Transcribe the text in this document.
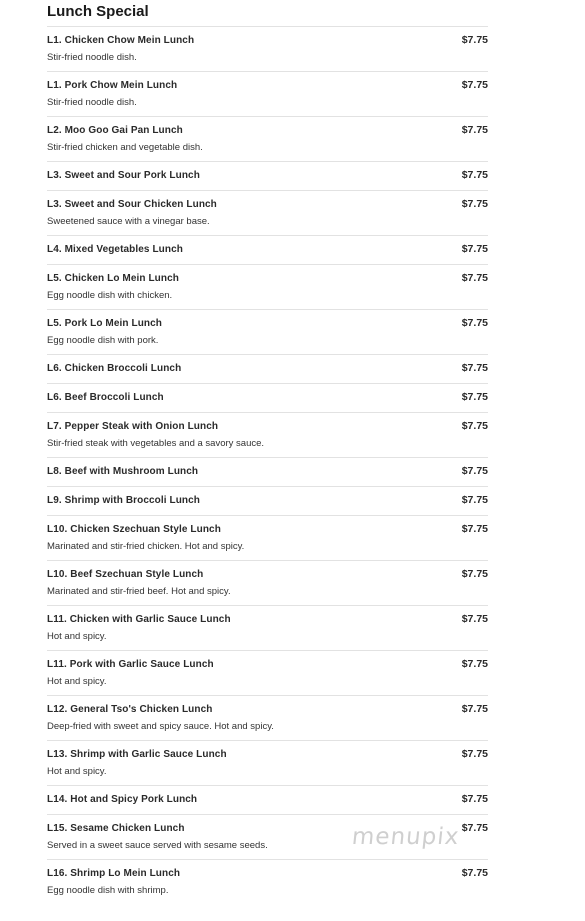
Lunch Special
L1. Chicken Chow Mein Lunch	$7.75
Stir-fried noodle dish.
L1. Pork Chow Mein Lunch	$7.75
Stir-fried noodle dish.
L2. Moo Goo Gai Pan Lunch	$7.75
Stir-fried chicken and vegetable dish.
L3. Sweet and Sour Pork Lunch	$7.75
L3. Sweet and Sour Chicken Lunch	$7.75
Sweetened sauce with a vinegar base.
L4. Mixed Vegetables Lunch	$7.75
L5. Chicken Lo Mein Lunch	$7.75
Egg noodle dish with chicken.
L5. Pork Lo Mein Lunch	$7.75
Egg noodle dish with pork.
L6. Chicken Broccoli Lunch	$7.75
L6. Beef Broccoli Lunch	$7.75
L7. Pepper Steak with Onion Lunch	$7.75
Stir-fried steak with vegetables and a savory sauce.
L8. Beef with Mushroom Lunch	$7.75
L9. Shrimp with Broccoli Lunch	$7.75
L10. Chicken Szechuan Style Lunch	$7.75
Marinated and stir-fried chicken. Hot and spicy.
L10. Beef Szechuan Style Lunch	$7.75
Marinated and stir-fried beef. Hot and spicy.
L11. Chicken with Garlic Sauce Lunch	$7.75
Hot and spicy.
L11. Pork with Garlic Sauce Lunch	$7.75
Hot and spicy.
L12. General Tso's Chicken Lunch	$7.75
Deep-fried with sweet and spicy sauce. Hot and spicy.
L13. Shrimp with Garlic Sauce Lunch	$7.75
Hot and spicy.
L14. Hot and Spicy Pork Lunch	$7.75
L15. Sesame Chicken Lunch	$7.75
Served in a sweet sauce served with sesame seeds.
L16. Shrimp Lo Mein Lunch	$7.75
Egg noodle dish with shrimp.
menupix
